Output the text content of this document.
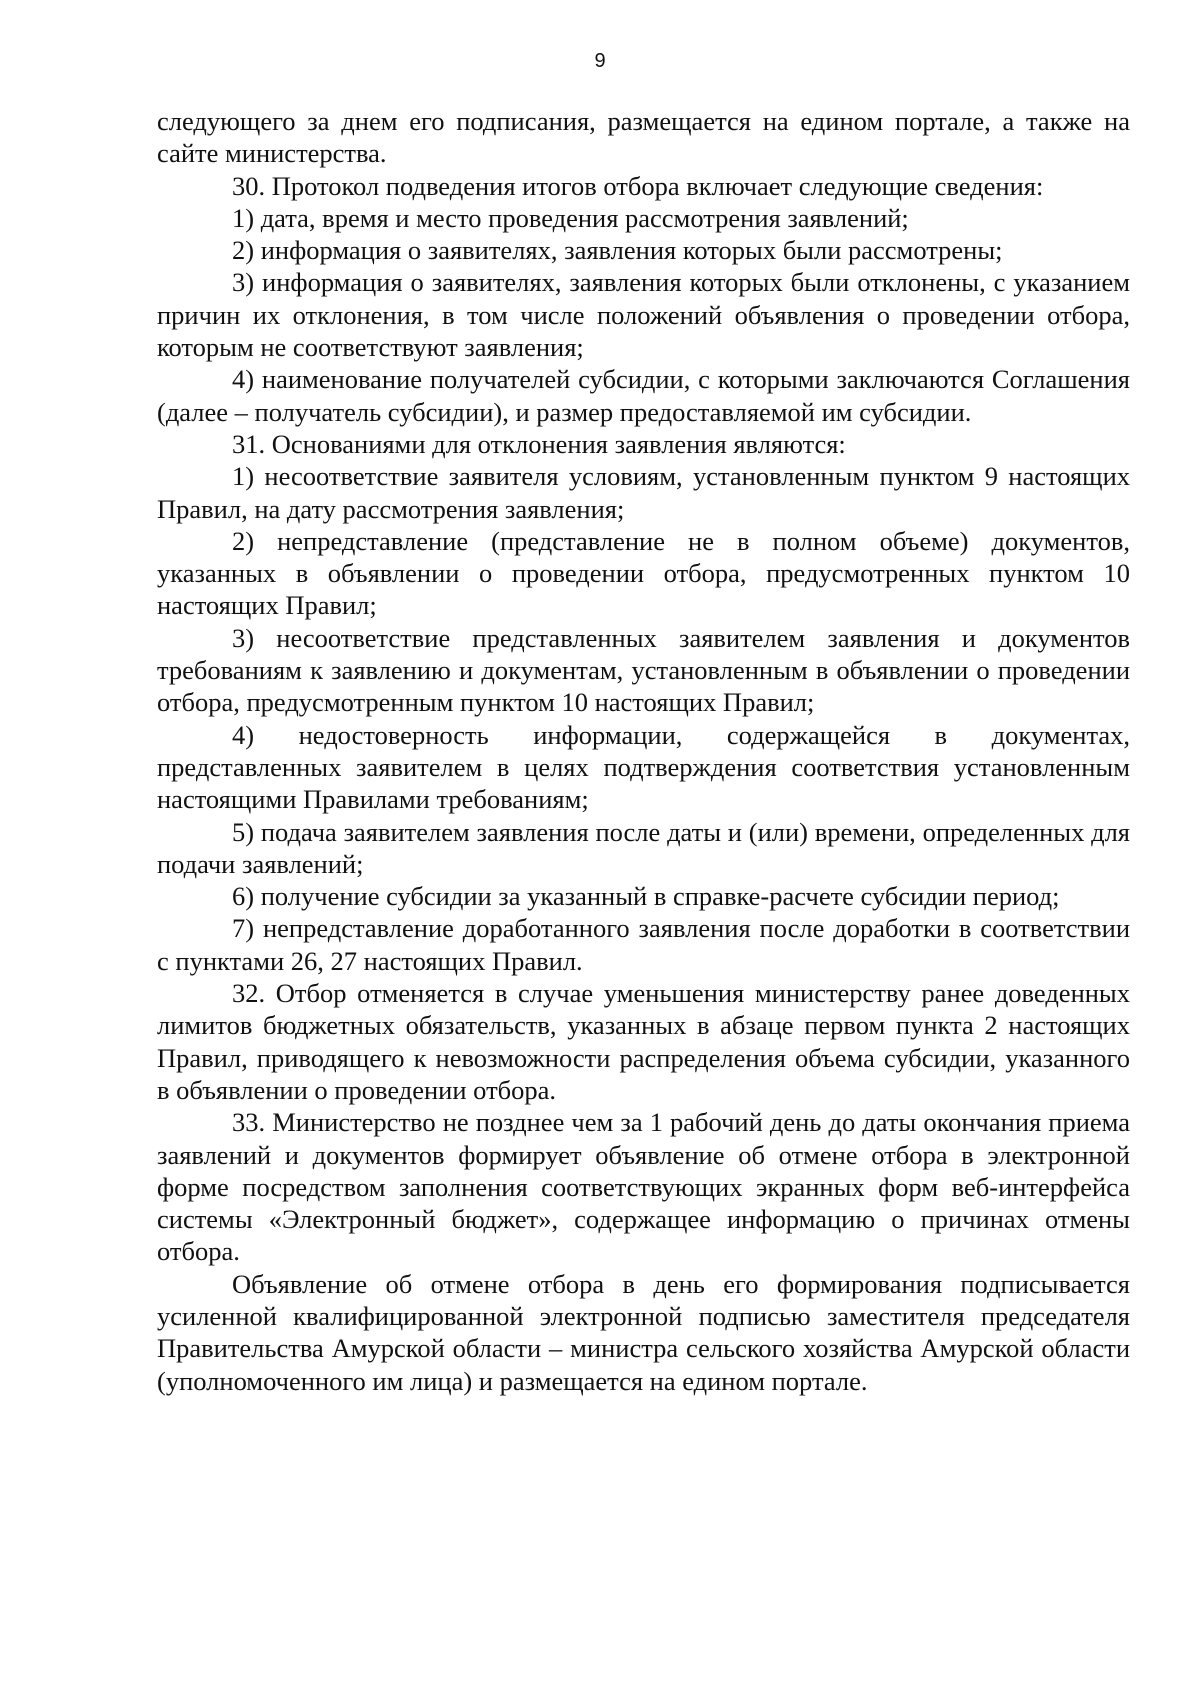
9

следующего за днем его подписания, размещается на едином портале, а также на сайте министерства.

30. Протокол подведения итогов отбора включает следующие сведения:

1) дата, время и место проведения рассмотрения заявлений;

2) информация о заявителях, заявления которых были рассмотрены;

3) информация о заявителях, заявления которых были отклонены, с указанием причин их отклонения, в том числе положений объявления о проведении отбора, которым не соответствуют заявления;

4) наименование получателей субсидии, с которыми заключаются Соглашения (далее – получатель субсидии), и размер предоставляемой им субсидии.

31. Основаниями для отклонения заявления являются:

1) несоответствие заявителя условиям, установленным пунктом 9 настоящих Правил, на дату рассмотрения заявления;

2) непредставление (представление не в полном объеме) документов, указанных в объявлении о проведении отбора, предусмотренных пунктом 10 настоящих Правил;

3) несоответствие представленных заявителем заявления и документов требованиям к заявлению и документам, установленным в объявлении о проведении отбора, предусмотренным пунктом 10 настоящих Правил;

4) недостоверность информации, содержащейся в документах, представленных заявителем в целях подтверждения соответствия установленным настоящими Правилами требованиям;

5) подача заявителем заявления после даты и (или) времени, определенных для подачи заявлений;

6) получение субсидии за указанный в справке-расчете субсидии период;

7) непредставление доработанного заявления после доработки в соответствии с пунктами 26, 27 настоящих Правил.

32. Отбор отменяется в случае уменьшения министерству ранее доведенных лимитов бюджетных обязательств, указанных в абзаце первом пункта 2 настоящих Правил, приводящего к невозможности распределения объема субсидии, указанного в объявлении о проведении отбора.

33. Министерство не позднее чем за 1 рабочий день до даты окончания приема заявлений и документов формирует объявление об отмене отбора в электронной форме посредством заполнения соответствующих экранных форм веб-интерфейса системы «Электронный бюджет», содержащее информацию о причинах отмены отбора.

Объявление об отмене отбора в день его формирования подписывается усиленной квалифицированной электронной подписью заместителя председателя Правительства Амурской области – министра сельского хозяйства Амурской области (уполномоченного им лица) и размещается на едином портале.
